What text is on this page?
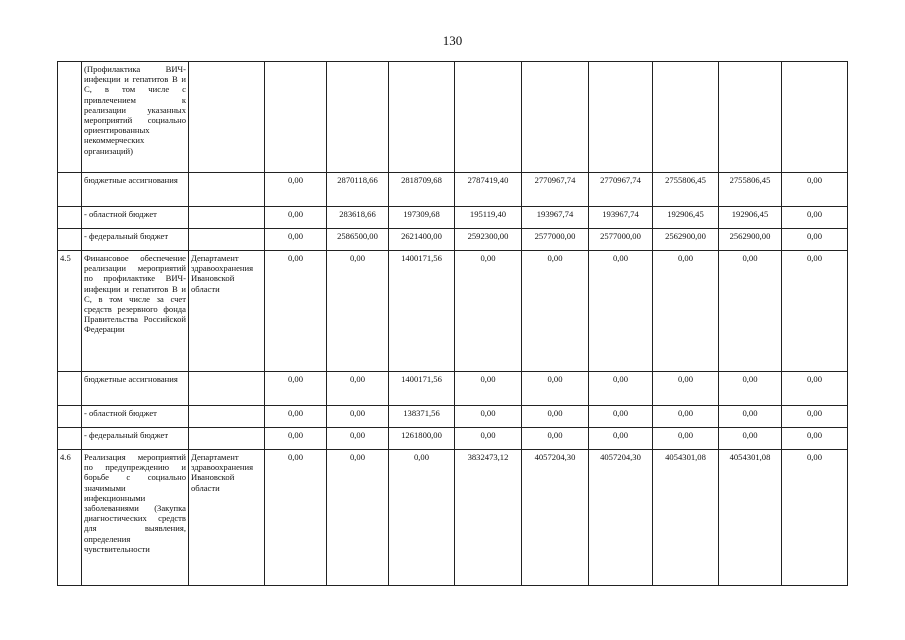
130
	(Профилактика ВИЧ-инфекции и гепатитов В и С, в том числе с привлечением к реализации указанных мероприятий социально ориентированных некоммерческих организаций)										
	бюджетные ассигнования		0,00	2870118,66	2818709,68	2787419,40	2770967,74	2770967,74	2755806,45	2755806,45	0,00
	- областной бюджет		0,00	283618,66	197309,68	195119,40	193967,74	193967,74	192906,45	192906,45	0,00
	- федеральный бюджет		0,00	2586500,00	2621400,00	2592300,00	2577000,00	2577000,00	2562900,00	2562900,00	0,00
4.5	Финансовое обеспечение реализации мероприятий по профилактике ВИЧ-инфекции и гепатитов В и С, в том числе за счет средств резервного фонда Правительства Российской Федерации	Департамент здравоохранения Ивановской области	0,00	0,00	1400171,56	0,00	0,00	0,00	0,00	0,00	0,00
	бюджетные ассигнования		0,00	0,00	1400171,56	0,00	0,00	0,00	0,00	0,00	0,00
	- областной бюджет		0,00	0,00	138371,56	0,00	0,00	0,00	0,00	0,00	0,00
	- федеральный бюджет		0,00	0,00	1261800,00	0,00	0,00	0,00	0,00	0,00	0,00
4.6	Реализация мероприятий по предупреждению и борьбе с социально значимыми инфекционными заболеваниями (Закупка диагностических средств для выявления, определения чувствительности	Департамент здравоохранения Ивановской области	0,00	0,00	0,00	3832473,12	4057204,30	4057204,30	4054301,08	4054301,08	0,00
